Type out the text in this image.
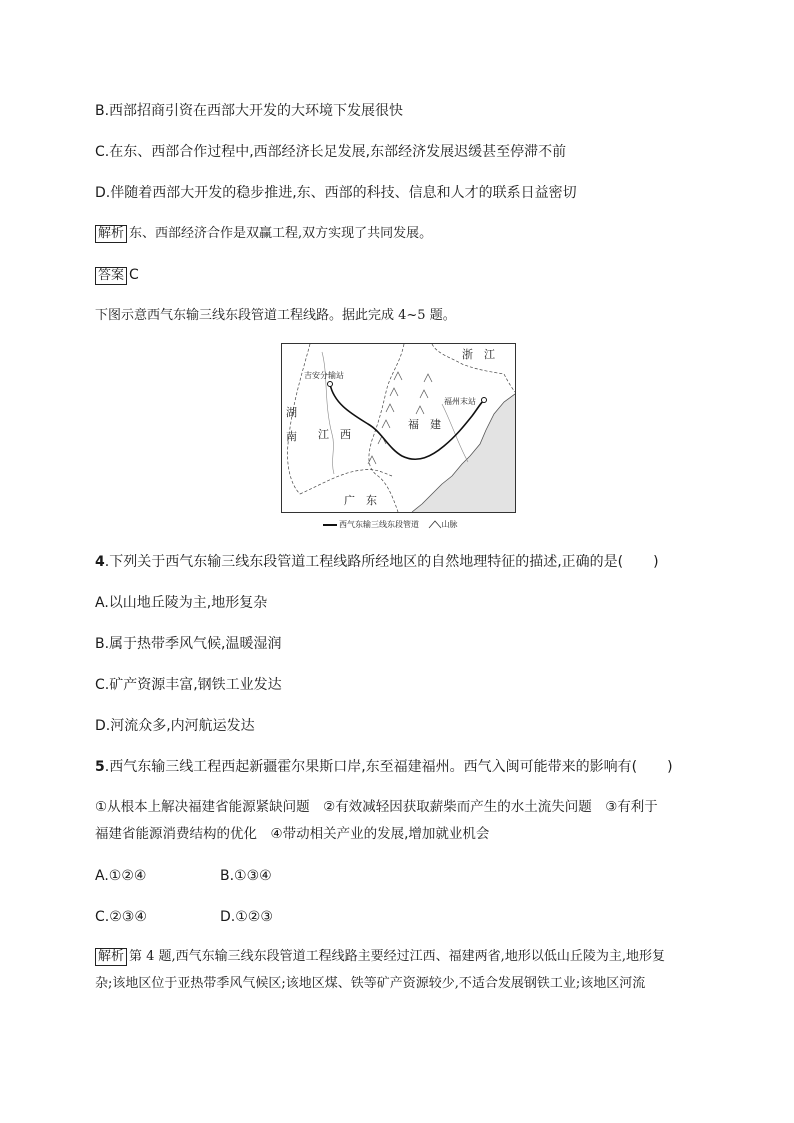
B.西部招商引资在西部大开发的大环境下发展很快
C.在东、西部合作过程中,西部经济长足发展,东部经济发展迟缓甚至停滞不前
D.伴随着西部大开发的稳步推进,东、西部的科技、信息和人才的联系日益密切
解析 东、西部经济合作是双赢工程,双方实现了共同发展。
答案 C
下图示意西气东输三线东段管道工程线路。据此完成 4~5 题。
浙　江
吉安分输站
福州末站
湖
南 江　西
福　建
广　东
西气东输三线东段管道	山脉
4.下列关于西气东输三线东段管道工程线路所经地区的自然地理特征的描述,正确的是( )
A.以山地丘陵为主,地形复杂
B.属于热带季风气候,温暖湿润
C.矿产资源丰富,钢铁工业发达
D.河流众多,内河航运发达
5.西气东输三线工程西起新疆霍尔果斯口岸,东至福建福州。西气入闽可能带来的影响有( )
①从根本上解决福建省能源紧缺问题　②有效减轻因获取薪柴而产生的水土流失问题　③有利于
福建省能源消费结构的优化　④带动相关产业的发展,增加就业机会
A.①②④	B.①③④
C.②③④	D.①②③
解析 第 4 题,西气东输三线东段管道工程线路主要经过江西、福建两省,地形以低山丘陵为主,地形复
杂;该地区位于亚热带季风气候区;该地区煤、铁等矿产资源较少,不适合发展钢铁工业;该地区河流
